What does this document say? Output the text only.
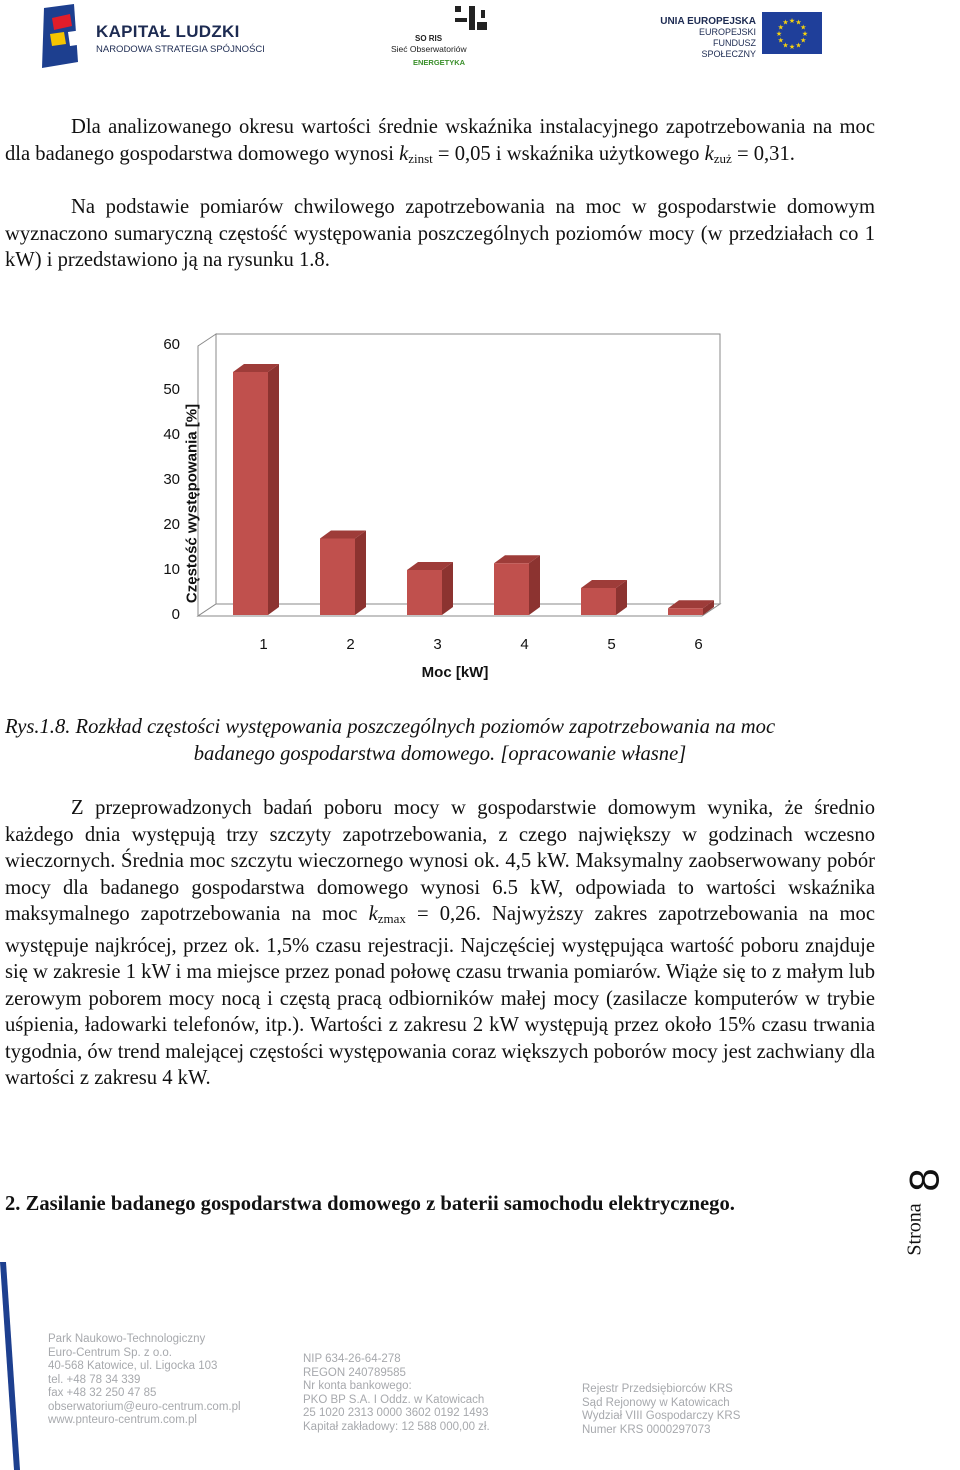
KAPITAŁ LUDZKI
NARODOWA STRATEGIA SPÓJNOŚCI
SO RIS
Sieć Obserwatoriów
ENERGETYKA
UNIA EUROPEJSKA
EUROPEJSKI
FUNDUSZ SPOŁECZNY
★
★
★
★
★
★
★
★
★ ★ ★
★

Dla analizowanego okresu wartości średnie wskaźnika instalacyjnego zapotrzebowania na moc dla badanego gospodarstwa domowego wynosi $k_{zinst} = 0,05$ i wskaźnika użytkowego $k_{zuż} = 0,31$.

Na podstawie pomiarów chwilowego zapotrzebowania na moc w gospodarstwie domowym wyznaczono sumaryczną częstość występowania poszczególnych poziomów mocy (w przedziałach co 1 kW) i przedstawiono ją na rysunku 1.8.

Częstość występowania [%]
0
10
20
30
40
50
60
1	2	3	4	5	6
Moc [kW]
Rys.1.8. Rozkład częstości występowania poszczególnych poziomów zapotrzebowania na moc
badanego gospodarstwa domowego. [opracowanie własne]

Z przeprowadzonych badań poboru mocy w gospodarstwie domowym wynika, że średnio każdego dnia występują trzy szczyty zapotrzebowania, z czego największy w godzinach wczesno wieczornych. Średnia moc szczytu wieczornego wynosi ok. 4,5 kW. Maksymalny zaobserwowany pobór mocy dla badanego gospodarstwa domowego wynosi 6.5 kW, odpowiada to wartości wskaźnika maksymalnego zapotrzebowania na moc $k_{zmax} = 0,26$. Najwyższy zakres zapotrzebowania na moc występuje najkrócej, przez ok. 1,5% czasu rejestracji. Najczęściej występująca wartość poboru znajduje się w zakresie 1 kW i ma miejsce przez ponad połowę czasu trwania pomiarów. Wiąże się to z małym lub zerowym poborem mocy nocą i częstą pracą odbiorników małej mocy (zasilacze komputerów w trybie uśpienia, ładowarki telefonów, itp.). Wartości z zakresu 2 kW występują przez około 15% czasu trwania tygodnia, ów trend malejącej częstości występowania coraz większych poborów mocy jest zachwiany dla wartości z zakresu 4 kW.

2. Zasilanie badanego gospodarstwa domowego z baterii samochodu elektrycznego.	Strona
8
Park Naukowo-Technologiczny
Euro-Centrum Sp. z o.o.
40-568 Katowice, ul. Ligocka 103
tel. +48 78 34 339
fax +48 32 250 47 85
obserwatorium@euro-centrum.com.pl
www.pnteuro-centrum.com.pl
NIP 634-26-64-278
REGON 240789585
Nr konta bankowego:
PKO BP S.A. I Oddz. w Katowicach
25 1020 2313 0000 3602 0192 1493
Kapitał zakładowy: 12 588 000,00 zł.
Rejestr Przedsiębiorców KRS
Sąd Rejonowy w Katowicach
Wydział VIII Gospodarczy KRS
Numer KRS 0000297073
